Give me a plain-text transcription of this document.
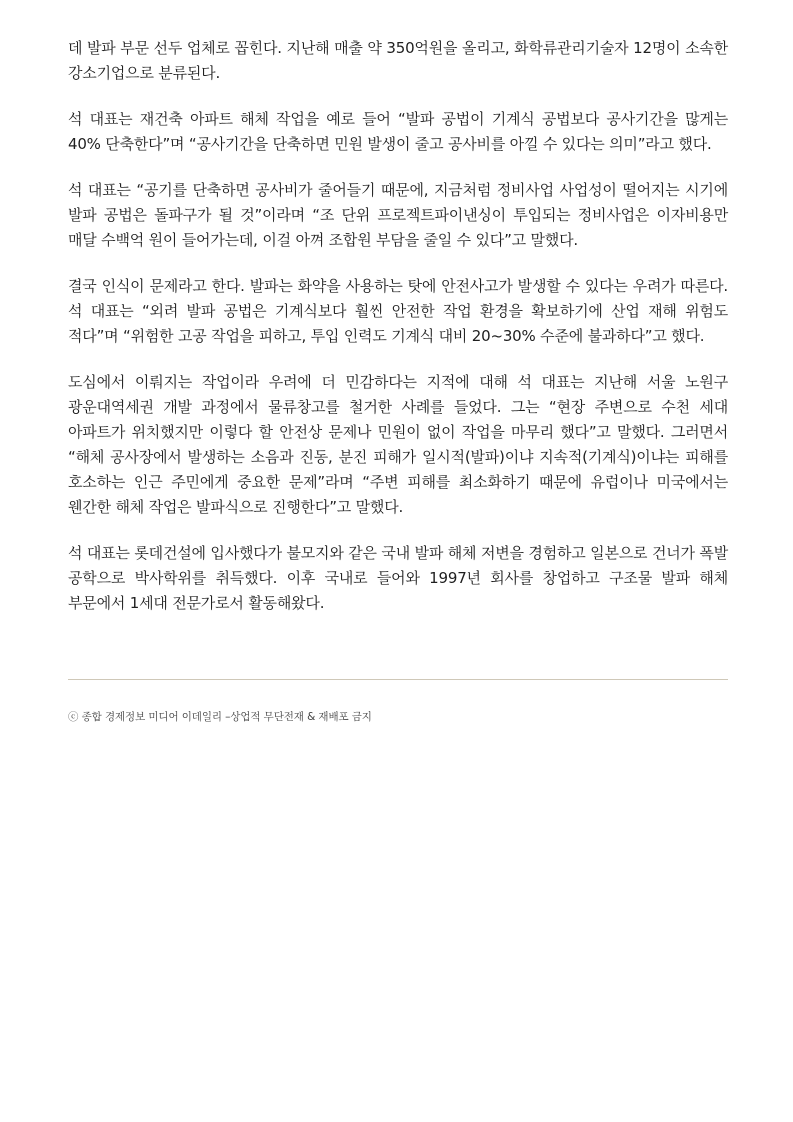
데 발파 부문 선두 업체로 꼽힌다. 지난해 매출 약 350억원을 올리고, 화학류관리기술자 12명이 소속한 강소기업으로 분류된다.

석 대표는 재건축 아파트 해체 작업을 예로 들어 “발파 공법이 기계식 공법보다 공사기간을 많게는 40% 단축한다”며 “공사기간을 단축하면 민원 발생이 줄고 공사비를 아낄 수 있다는 의미”라고 했다.

석 대표는 “공기를 단축하면 공사비가 줄어들기 때문에, 지금처럼 정비사업 사업성이 떨어지는 시기에 발파 공법은 돌파구가 될 것”이라며 “조 단위 프로젝트파이낸싱이 투입되는 정비사업은 이자비용만 매달 수백억 원이 들어가는데, 이걸 아껴 조합원 부담을 줄일 수 있다”고 말했다.

결국 인식이 문제라고 한다. 발파는 화약을 사용하는 탓에 안전사고가 발생할 수 있다는 우려가 따른다. 석 대표는 “외려 발파 공법은 기계식보다 훨씬 안전한 작업 환경을 확보하기에 산업 재해 위험도 적다”며 “위험한 고공 작업을 피하고, 투입 인력도 기계식 대비 20~30% 수준에 불과하다”고 했다.

도심에서 이뤄지는 작업이라 우려에 더 민감하다는 지적에 대해 석 대표는 지난해 서울 노원구 광운대역세권 개발 과정에서 물류창고를 철거한 사례를 들었다. 그는 “현장 주변으로 수천 세대 아파트가 위치했지만 이렇다 할 안전상 문제나 민원이 없이 작업을 마무리 했다”고 말했다. 그러면서 “해체 공사장에서 발생하는 소음과 진동, 분진 피해가 일시적(발파)이냐 지속적(기계식)이냐는 피해를 호소하는 인근 주민에게 중요한 문제”라며 “주변 피해를 최소화하기 때문에 유럽이나 미국에서는 웬간한 해체 작업은 발파식으로 진행한다”고 말했다.

석 대표는 롯데건설에 입사했다가 불모지와 같은 국내 발파 해체 저변을 경험하고 일본으로 건너가 폭발 공학으로 박사학위를 취득했다. 이후 국내로 들어와 1997년 회사를 창업하고 구조물 발파 해체 부문에서 1세대 전문가로서 활동해왔다.

ⓒ 종합 경제정보 미디어 이데일리 –상업적 무단전재 & 재배포 금지
